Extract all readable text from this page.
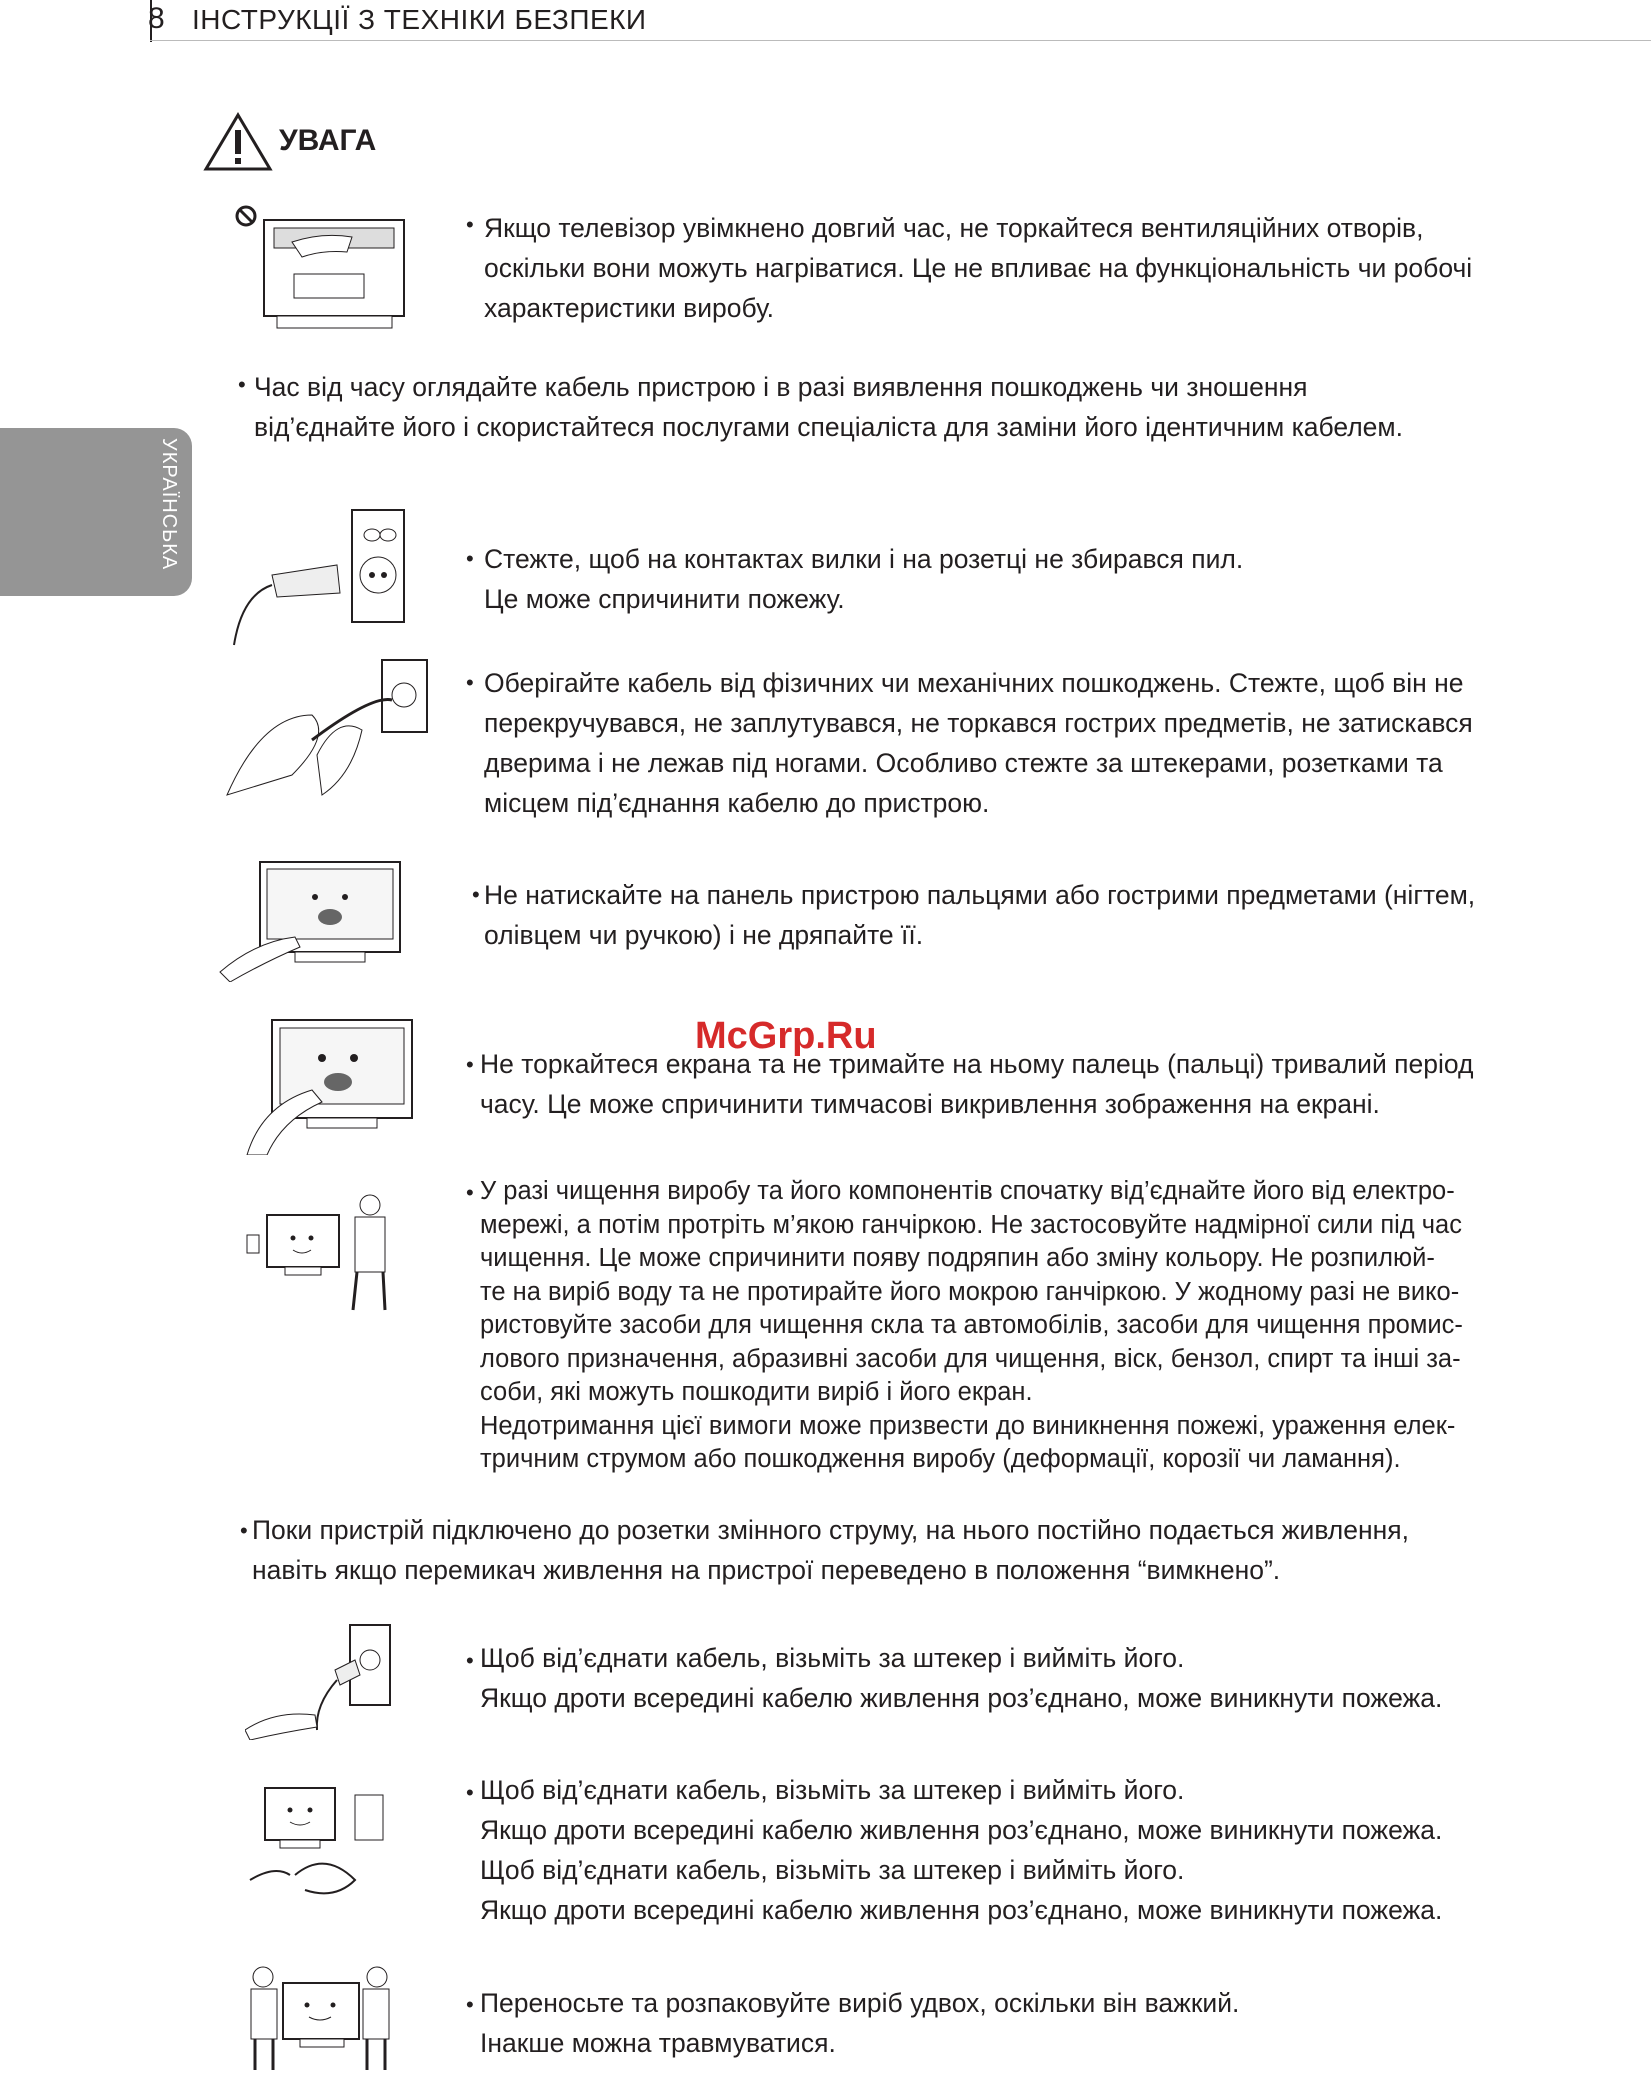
8 ІНСТРУКЦІЇ З ТЕХНІКИ БЕЗПЕКИ
УКРАЇНСЬКА
УВАГА
• Якщо телевізор увімкнено довгий час, не торкайтеся вентиляційних отворів,
оскільки вони можуть нагріватися. Це не впливає на функціональність чи робочі
характеристики виробу.
• Час від часу оглядайте кабель пристрою і в разі виявлення пошкоджень чи зношення
від’єднайте його і скористайтеся послугами спеціаліста для заміни його ідентичним кабелем.
• Стежте, щоб на контактах вилки і на розетці не збирався пил.
Це може спричинити пожежу.
• Оберігайте кабель від фізичних чи механічних пошкоджень. Стежте, щоб він не
перекручувався, не заплутувався, не торкався гострих предметів, не затискався
дверима і не лежав під ногами. Особливо стежте за штекерами, розетками та
місцем під’єднання кабелю до пристрою.
• Не натискайте на панель пристрою пальцями або гострими предметами (нігтем,
олівцем чи ручкою) і не дряпайте її.
• Не торкайтеся екрана та не тримайте на ньому палець (пальці) тривалий період
часу. Це може спричинити тимчасові викривлення зображення на екрані.
• У разі чищення виробу та його компонентів спочатку від’єднайте його від електро-
мережі, а потім протріть м’якою ганчіркою. Не застосовуйте надмірної сили під час
чищення. Це може спричинити появу подряпин або зміну кольору. Не розпилюй-
те на виріб воду та не протирайте його мокрою ганчіркою. У жодному разі не вико-
ристовуйте засоби для чищення скла та автомобілів, засоби для чищення промис-
лового призначення, абразивні засоби для чищення, віск, бензол, спирт та інші за-
соби, які можуть пошкодити виріб і його екран.
Недотримання цієї вимоги може призвести до виникнення пожежі, ураження елек-
тричним струмом або пошкодження виробу (деформації, корозії чи ламання).
• Поки пристрій підключено до розетки змінного струму, на нього постійно подається живлення,
навіть якщо перемикач живлення на пристрої переведено в положення “вимкнено”.
• Щоб від’єднати кабель, візьміть за штекер і вийміть його.
Якщо дроти всередині кабелю живлення роз’єднано, може виникнути пожежа.
• Щоб від’єднати кабель, візьміть за штекер і вийміть його.
Якщо дроти всередині кабелю живлення роз’єднано, може виникнути пожежа.
Щоб від’єднати кабель, візьміть за штекер і вийміть його.
Якщо дроти всередині кабелю живлення роз’єднано, може виникнути пожежа.
• Переносьте та розпаковуйте виріб удвох, оскільки він важкий.
Інакше можна травмуватися.
McGrp.Ru
